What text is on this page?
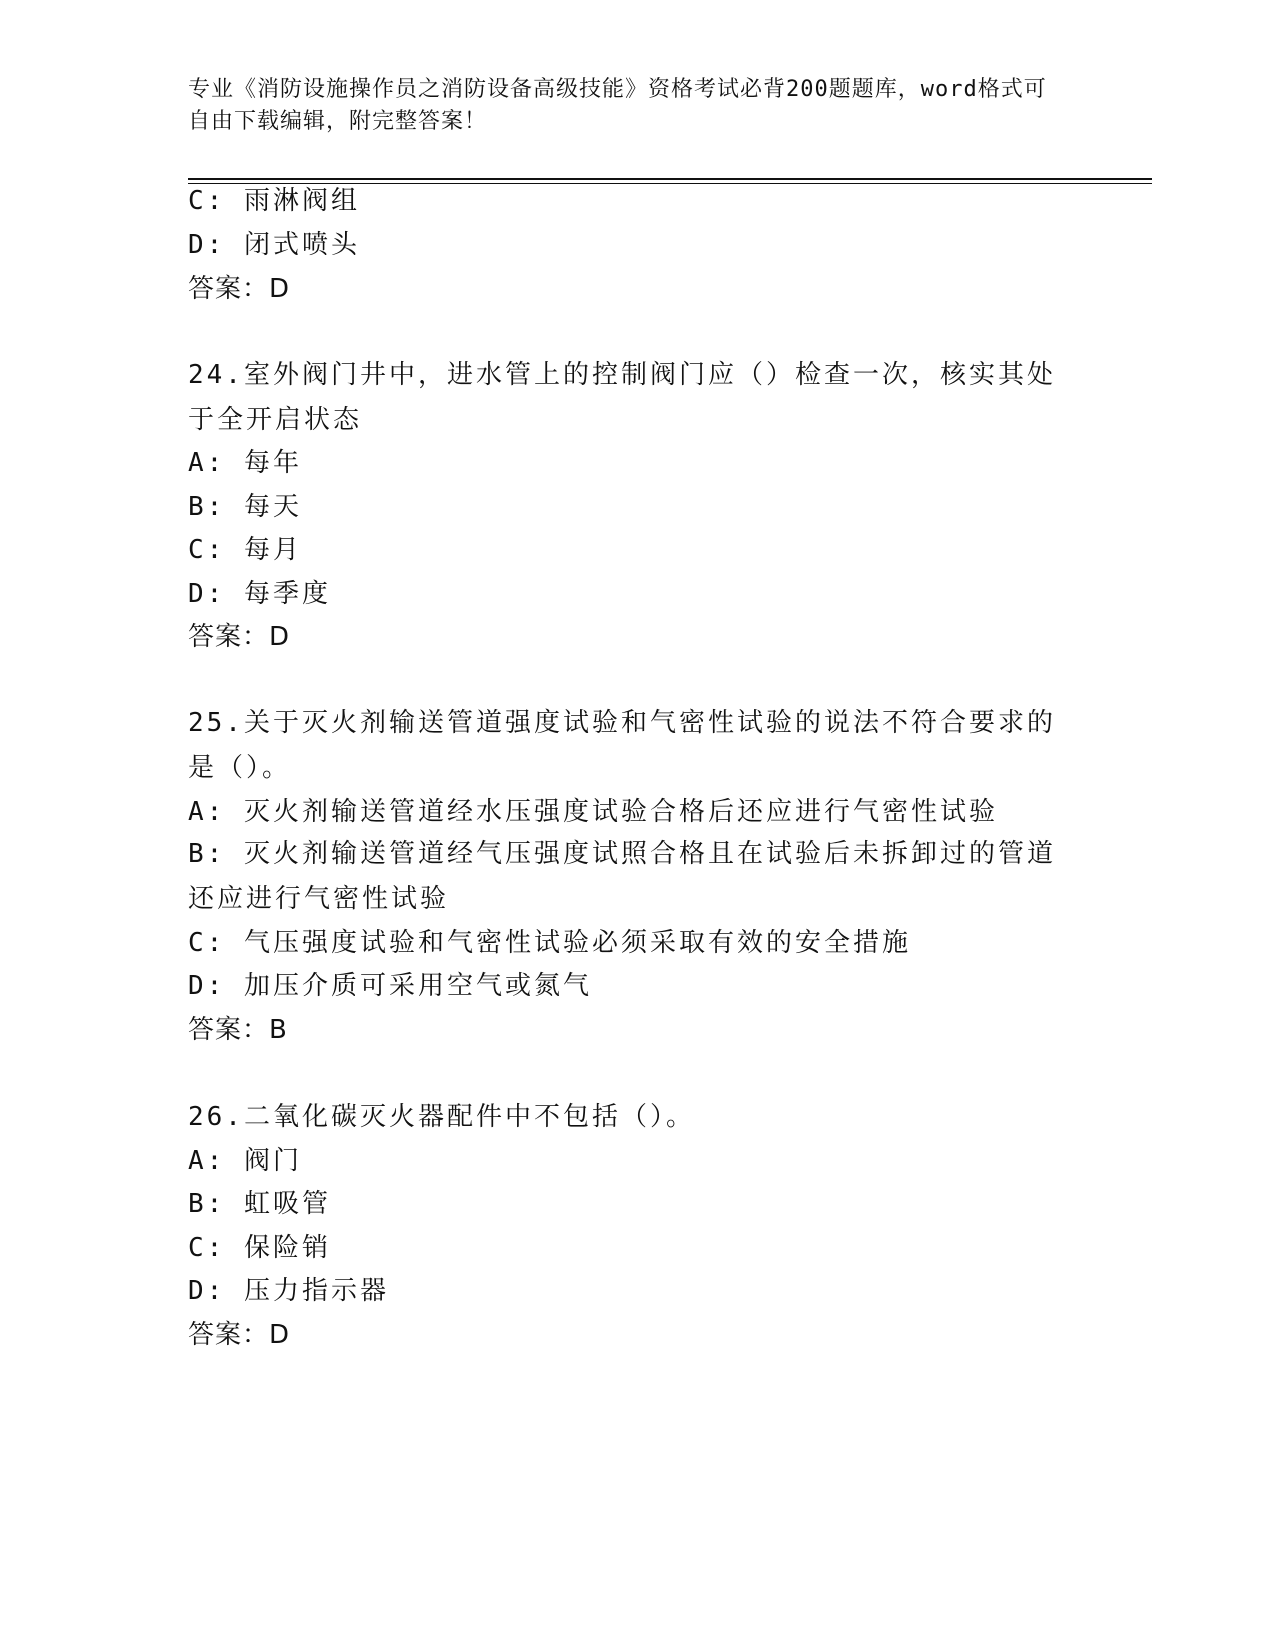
专业《消防设施操作员之消防设备高级技能》资格考试必背200题题库，word格式可自由下载编辑，附完整答案！
C: 雨淋阀组
D: 闭式喷头
答案：D
24.室外阀门井中，进水管上的控制阀门应（）检查一次，核实其处于全开启状态
A: 每年
B: 每天
C: 每月
D: 每季度
答案：D
25.关于灭火剂输送管道强度试验和气密性试验的说法不符合要求的是（）。
A: 灭火剂输送管道经水压强度试验合格后还应进行气密性试验
B: 灭火剂输送管道经气压强度试照合格且在试验后未拆卸过的管道还应进行气密性试验
C: 气压强度试验和气密性试验必须采取有效的安全措施
D: 加压介质可采用空气或氮气
答案：B
26.二氧化碳灭火器配件中不包括（）。
A: 阀门
B: 虹吸管
C: 保险销
D: 压力指示器
答案：D
